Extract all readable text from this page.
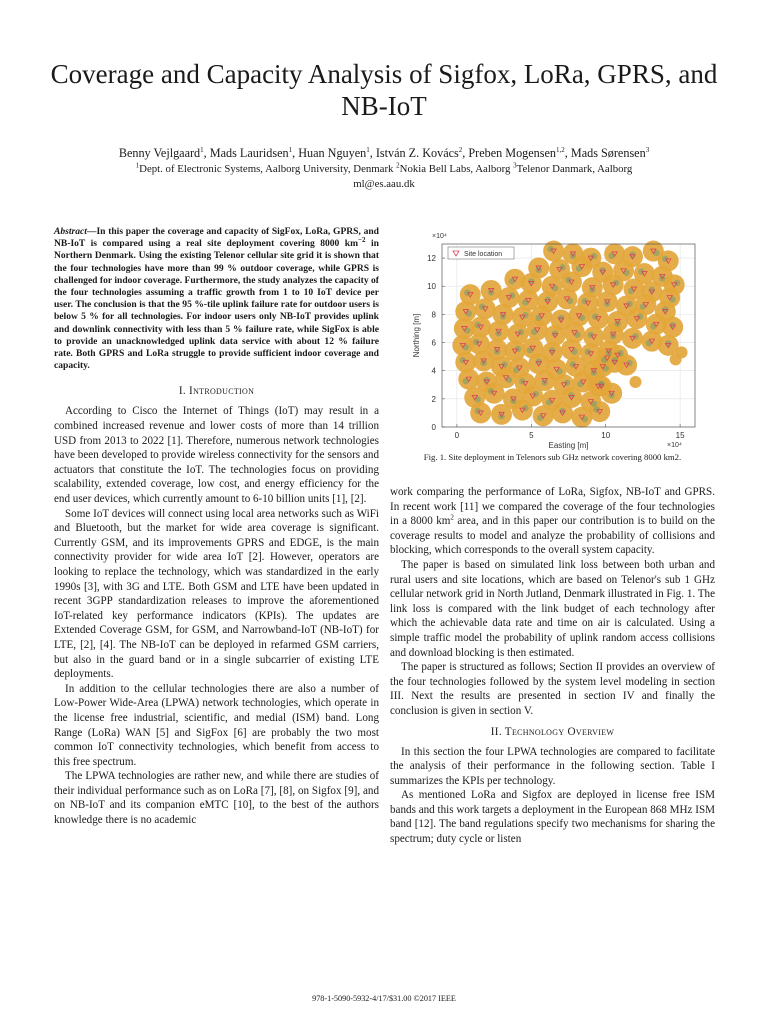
Coverage and Capacity Analysis of Sigfox, LoRa, GPRS, and NB-IoT
Benny Vejlgaard$^1$, Mads Lauridsen$^1$, Huan Nguyen$^1$, István Z. Kovács$^2$, Preben Mogensen$^{1,2}$, Mads Sørensen$^3$
$^1$Dept. of Electronic Systems, Aalborg University, Denmark $^2$Nokia Bell Labs, Aalborg $^3$Telenor Danmark, Aalborg
ml@es.aau.dk

Abstract—In this paper the coverage and capacity of SigFox, LoRa, GPRS, and NB-IoT is compared using a real site deployment covering 8000 $km^{-2}$ in Northern Denmark. Using the existing Telenor cellular site grid it is shown that the four technologies have more than 99 % outdoor coverage, while GPRS is challenged for indoor coverage. Furthermore, the study analyzes the capacity of the four technologies assuming a traffic growth from 1 to 10 IoT device per user. The conclusion is that the 95 %-tile uplink failure rate for outdoor users is below 5 % for all technologies. For indoor users only NB-IoT provides uplink and downlink connectivity with less than 5 % failure rate, while SigFox is able to provide an unacknowledged uplink data service with about 12 % failure rate. Both GPRS and LoRa struggle to provide sufficient indoor coverage and capacity.

I. Introduction

According to Cisco the Internet of Things (IoT) may result in a combined increased revenue and lower costs of more than 14 trillion USD from 2013 to 2022 [1]. Therefore, numerous network technologies have been developed to provide wireless connectivity for the sensors and actuators that constitute the IoT. The technologies focus on providing scalability, extended coverage, low cost, and energy efficiency for the end user devices, which currently amount to 6-10 billion units [1], [2].

Some IoT devices will connect using local area networks such as WiFi and Bluetooth, but the market for wide area coverage is significant. Currently GSM, and its improvements GPRS and EDGE, is the main connectivity provider for wide area IoT [2]. However, operators are looking to replace the technology, which was standardized in the early 1990s [3], with 3G and LTE. Both GSM and LTE have been updated in recent 3GPP standardization releases to improve the aforementioned IoT-related key performance indicators (KPIs). The updates are Extended Coverage GSM, for GSM, and Narrowband-IoT (NB-IoT) for LTE, [2], [4]. The NB-IoT can be deployed in refarmed GSM carriers, but also in the guard band or in a single subcarrier of existing LTE deployments.

In addition to the cellular technologies there are also a number of Low-Power Wide-Area (LPWA) network technologies, which operate in the license free industrial, scientific, and medial (ISM) band. Long Range (LoRa) WAN [5] and SigFox [6] are probably the two most common IoT connectivity technologies, which benefit from access to this free spectrum.

The LPWA technologies are rather new, and while there are studies of their individual performance such as on LoRa [7], [8], on Sigfox [9], and on NB-IoT and its companion eMTC [10], to the best of the authors knowledge there is no academic

0	5	10	15
0
2
4
6
8
10
12
×10⁴
×10⁴
Easting [m]
Northing [m]
Site location
Fig. 1. Site deployment in Telenors sub GHz network covering 8000 km2.

work comparing the performance of LoRa, Sigfox, NB-IoT and GPRS. In recent work [11] we compared the coverage of the four technologies in a 8000 $km^2$ area, and in this paper our contribution is to build on the coverage results to model and analyze the probability of collisions and blocking, which corresponds to the overall system capacity.

The paper is based on simulated link loss between both urban and rural users and site locations, which are based on Telenor's sub 1 GHz cellular network grid in North Jutland, Denmark illustrated in Fig. 1. The link loss is compared with the link budget of each technology after which the achievable data rate and time on air is calculated. Using a simple traffic model the probability of uplink random access collisions and download blocking is then estimated.

The paper is structured as follows; Section II provides an overview of the four technologies followed by the system level modeling in section III. Next the results are presented in section IV and finally the conclusion is given in section V.

II. Technology Overview

In this section the four LPWA technologies are compared to facilitate the analysis of their performance in the following section. Table I summarizes the KPIs per technology.

As mentioned LoRa and Sigfox are deployed in license free ISM bands and this work targets a deployment in the European 868 MHz ISM band [12]. The band regulations specify two mechanisms for sharing the spectrum; duty cycle or listen

978-1-5090-5932-4/17/$31.00 ©2017 IEEE
